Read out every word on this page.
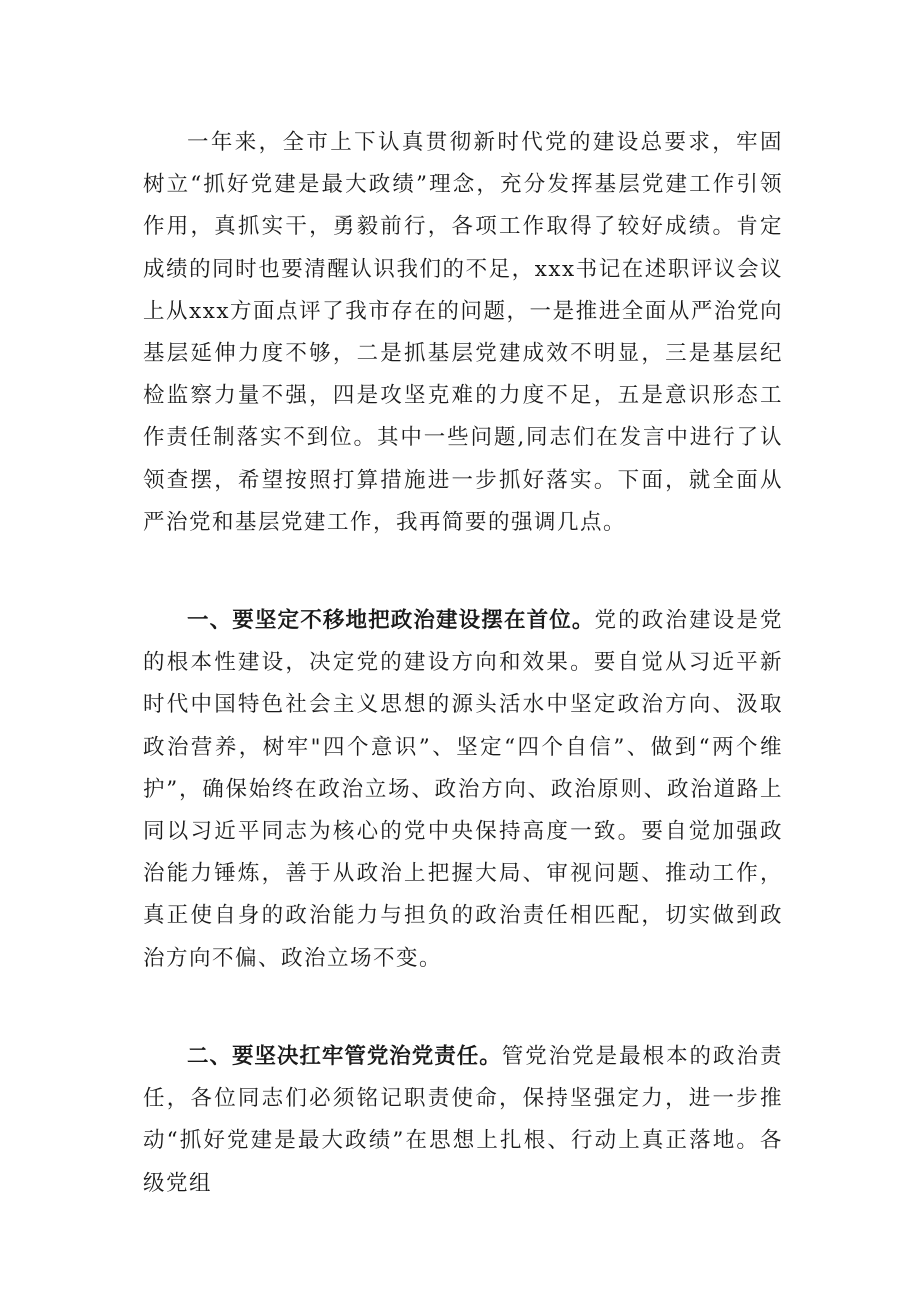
一年来，全市上下认真贯彻新时代党的建设总要求，牢固树立“抓好党建是最大政绩”理念，充分发挥基层党建工作引领作用，真抓实干，勇毅前行，各项工作取得了较好成绩。肯定成绩的同时也要清醒认识我们的不足，xxx书记在述职评议会议上从xxx方面点评了我市存在的问题，一是推进全面从严治党向基层延伸力度不够，二是抓基层党建成效不明显，三是基层纪检监察力量不强，四是攻坚克难的力度不足，五是意识形态工作责任制落实不到位。其中一些问题,同志们在发言中进行了认领查摆，希望按照打算措施进一步抓好落实。下面，就全面从严治党和基层党建工作，我再简要的强调几点。

一、要坚定不移地把政治建设摆在首位。党的政治建设是党的根本性建设，决定党的建设方向和效果。要自觉从习近平新时代中国特色社会主义思想的源头活水中坚定政治方向、汲取政治营养，树牢"四个意识”、坚定“四个自信”、做到“两个维护”，确保始终在政治立场、政治方向、政治原则、政治道路上同以习近平同志为核心的党中央保持高度一致。要自觉加强政治能力锤炼，善于从政治上把握大局、审视问题、推动工作，真正使自身的政治能力与担负的政治责任相匹配，切实做到政治方向不偏、政治立场不变。

二、要坚决扛牢管党治党责任。管党治党是最根本的政治责任，各位同志们必须铭记职责使命，保持坚强定力，进一步推动“抓好党建是最大政绩”在思想上扎根、行动上真正落地。各级党组
